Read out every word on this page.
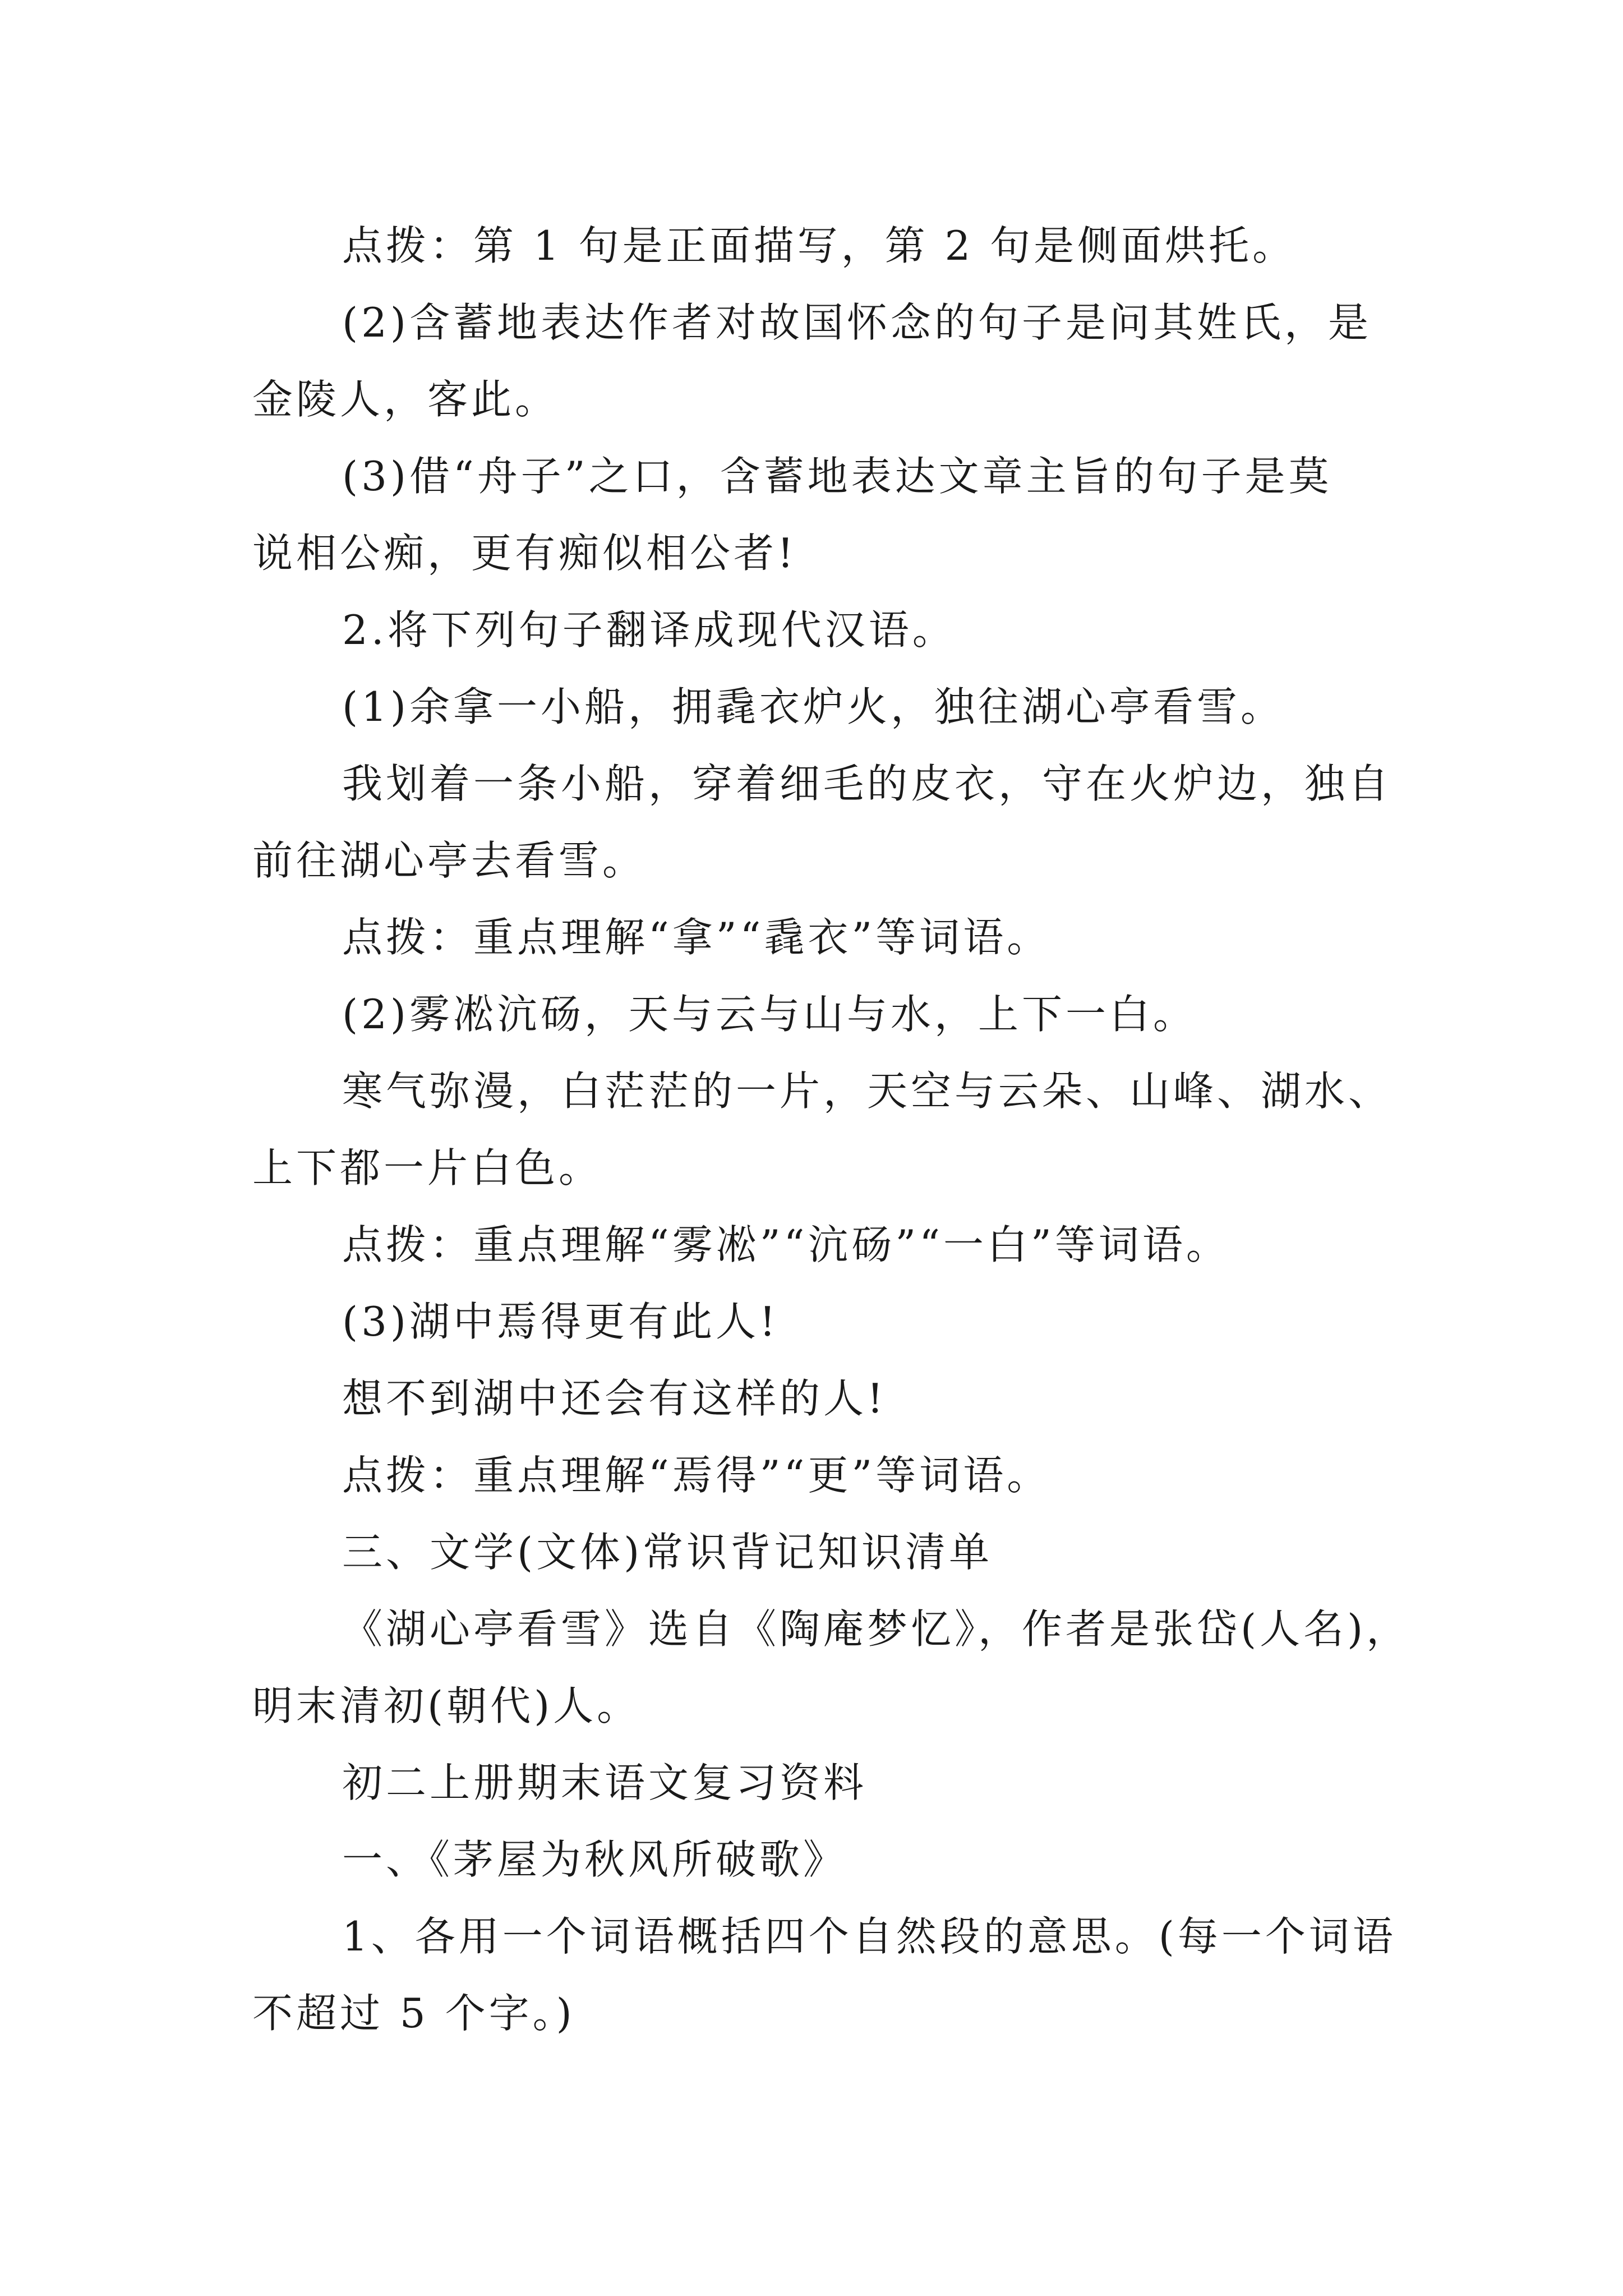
点拨：第 1 句是正面描写，第 2 句是侧面烘托。
(2)含蓄地表达作者对故国怀念的句子是问其姓氏，是
金陵人，客此。
(3)借“舟子”之口，含蓄地表达文章主旨的句子是莫
说相公痴，更有痴似相公者!
2.将下列句子翻译成现代汉语。
(1)余拿一小船，拥毳衣炉火，独往湖心亭看雪。
我划着一条小船，穿着细毛的皮衣，守在火炉边，独自
前往湖心亭去看雪。
点拨：重点理解“拿”“毳衣”等词语。
(2)雾凇沆砀，天与云与山与水，上下一白。
寒气弥漫，白茫茫的一片，天空与云朵、山峰、湖水、
上下都一片白色。
点拨：重点理解“雾凇”“沆砀”“一白”等词语。
(3)湖中焉得更有此人!
想不到湖中还会有这样的人!
点拨：重点理解“焉得”“更”等词语。
三、文学(文体)常识背记知识清单
《湖心亭看雪》选自《陶庵梦忆》，作者是张岱(人名)，
明末清初(朝代)人。
初二上册期末语文复习资料
一、《茅屋为秋风所破歌》
1、各用一个词语概括四个自然段的意思。(每一个词语
不超过 5 个字。)
